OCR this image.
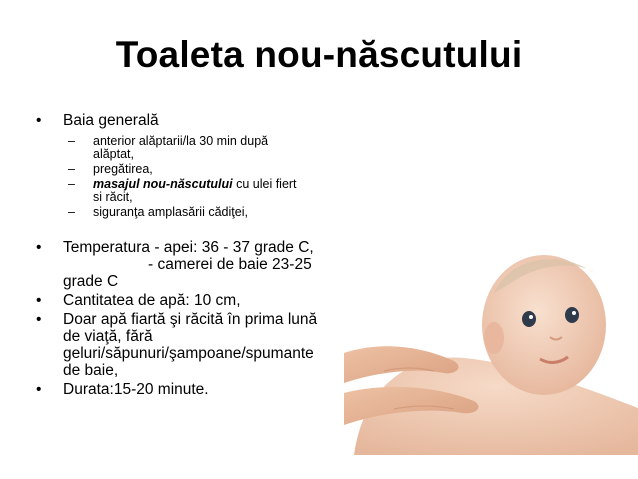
Toaleta nou-născutului
• Baia generală
– anterior alăptarii/la 30 min după
alăptat,
– pregătirea,
– masajul nou-născutului cu ulei fiert
si răcit,
– siguranţa amplasării cădiţei,
• Temperatura - apei: 36 - 37 grade C,
- camerei de baie 23-25
grade C
• Cantitatea de apă: 10 cm,
• Doar apă fiartă şi răcită în prima lună
de viaţă, fără
geluri/săpunuri/şampoane/spumante
de baie,
• Durata:15-20 minute.
